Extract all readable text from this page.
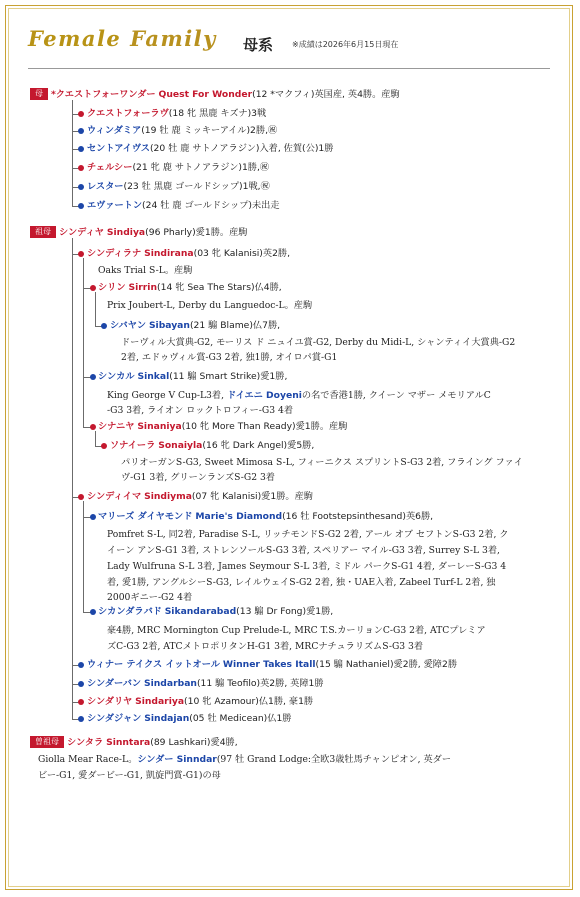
Female Family	母系 ※成績は2026年6月15日現在
母 *クエストフォーワンダー Quest For Wonder(12 *マクフィ)英国産, 英4勝。産駒
クエストフォーラヴ(18 牝 黒鹿 キズナ)3戦
ウィンダミア(19 牡 鹿 ミッキーアイル)2勝,㊗
セントアイヴス(20 牡 鹿 サトノアラジン)入着, 佐賀(公)1勝
チェルシー(21 牝 鹿 サトノアラジン)1勝,㊗
レスター(23 牡 黒鹿 ゴールドシップ)1戦,㊗
エヴァートン(24 牡 鹿 ゴールドシップ)未出走
祖母 シンディヤ Sindiya(96 Pharly)愛1勝。産駒
シンディラナ Sindirana(03 牝 Kalanisi)英2勝,
Oaks Trial S-L。産駒
シリン Sirrin(14 牝 Sea The Stars)仏4勝,
Prix Joubert-L, Derby du Languedoc-L。産駒
シバヤン Sibayan(21 騸 Blame)仏7勝,
ドーヴィル大賞典-G2, モーリス ド ニュイユ賞-G2, Derby du Midi-L, シャンティイ大賞典-G2
2着, エドゥヴィル賞-G3 2着, 独1勝, オイロパ賞-G1
シンカル Sinkal(11 騸 Smart Strike)愛1勝,
King George V Cup-L3着, ドイエニ Doyeniの名で香港1勝, クイーン マザー メモリアルC
-G3 3着, ライオン ロックトロフィー-G3 4着
シナニヤ Sinaniya(10 牝 More Than Ready)愛1勝。産駒
ソナイーラ Sonaiyla(16 牝 Dark Angel)愛5勝,
パリオーガンS-G3, Sweet Mimosa S-L, フィーニクス スプリントS-G3 2着, フライング ファイ
ヴ-G1 3着, グリーンランズS-G2 3着
シンディイマ Sindiyma(07 牝 Kalanisi)愛1勝。産駒
マリーズ ダイヤモンド Marie's Diamond(16 牡 Footstepsinthesand)英6勝,
Pomfret S-L, 同2着, Paradise S-L, リッチモンドS-G2 2着, アール オブ セフトンS-G3 2着, ク
イーン アンS-G1 3着, ストレンソールS-G3 3着, スペリアー マイル-G3 3着, Surrey S-L 3着,
Lady Wulfruna S-L 3着, James Seymour S-L 3着, ミドル パークS-G1 4着, ダーレーS-G3 4
着, 愛1勝, アングルシーS-G3, レイルウェイS-G2 2着, 独・UAE入着, Zabeel Turf-L 2着, 独
2000ギニー-G2 4着
シカンダラバド Sikandarabad(13 騸 Dr Fong)愛1勝,
豪4勝, MRC Mornington Cup Prelude-L, MRC T.S.カーリョンC-G3 2着, ATCプレミア
ズC-G3 2着, ATCメトロポリタンH-G1 3着, MRCナチュラリズムS-G3 3着
ウィナー テイクス イットオール Winner Takes Itall(15 騸 Nathaniel)愛2勝, 愛障2勝
シンダーバン Sindarban(11 騸 Teofilo)英2勝, 英障1勝
シンダリヤ Sindariya(10 牝 Azamour)仏1勝, 豪1勝
シンダジャン Sindajan(05 牡 Medicean)仏1勝
曽祖母 シンタラ Sinntara(89 Lashkari)愛4勝,
Giolla Mear Race-L。シンダー Sinndar(97 牡 Grand Lodge:全欧3歳牡馬チャンピオン, 英ダー
ビー-G1, 愛ダービー-G1, 凱旋門賞-G1)の母
